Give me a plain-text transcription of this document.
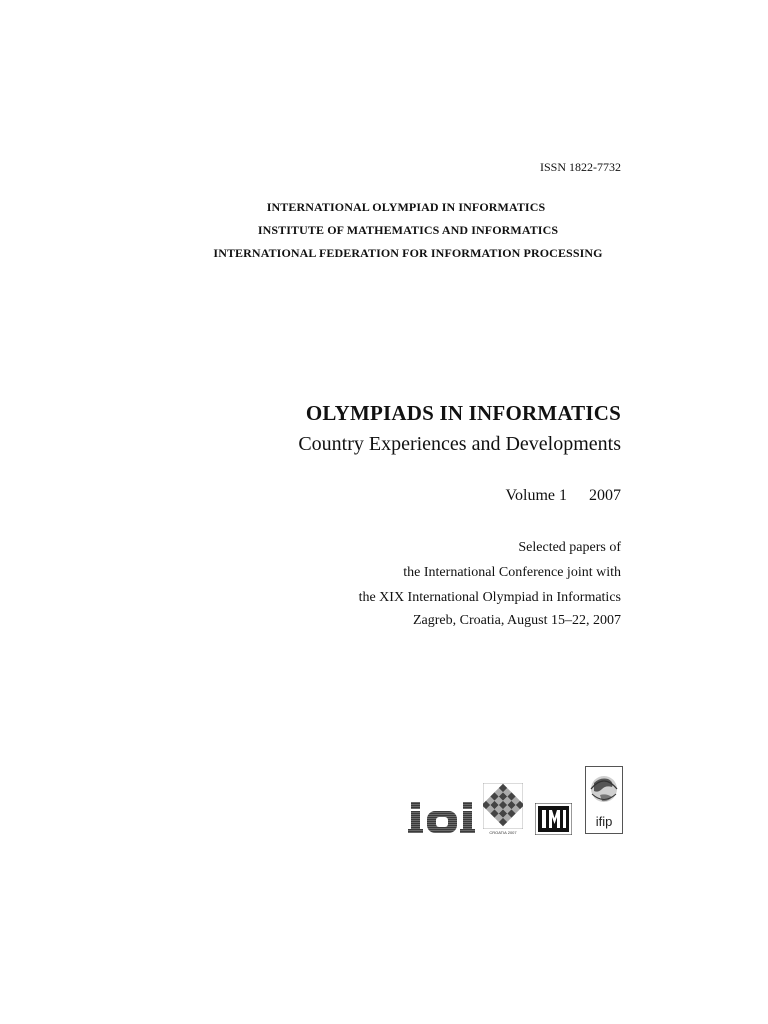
ISSN 1822-7732
INTERNATIONAL OLYMPIAD IN INFORMATICS
INSTITUTE OF MATHEMATICS AND INFORMATICS
INTERNATIONAL FEDERATION FOR INFORMATION PROCESSING
OLYMPIADS IN INFORMATICS
Country Experiences and Developments
Volume 1 2007
Selected papers of
the International Conference joint with
the XIX International Olympiad in Informatics
Zagreb, Croatia, August 15–22, 2007
CROATIA 2007
ifip
